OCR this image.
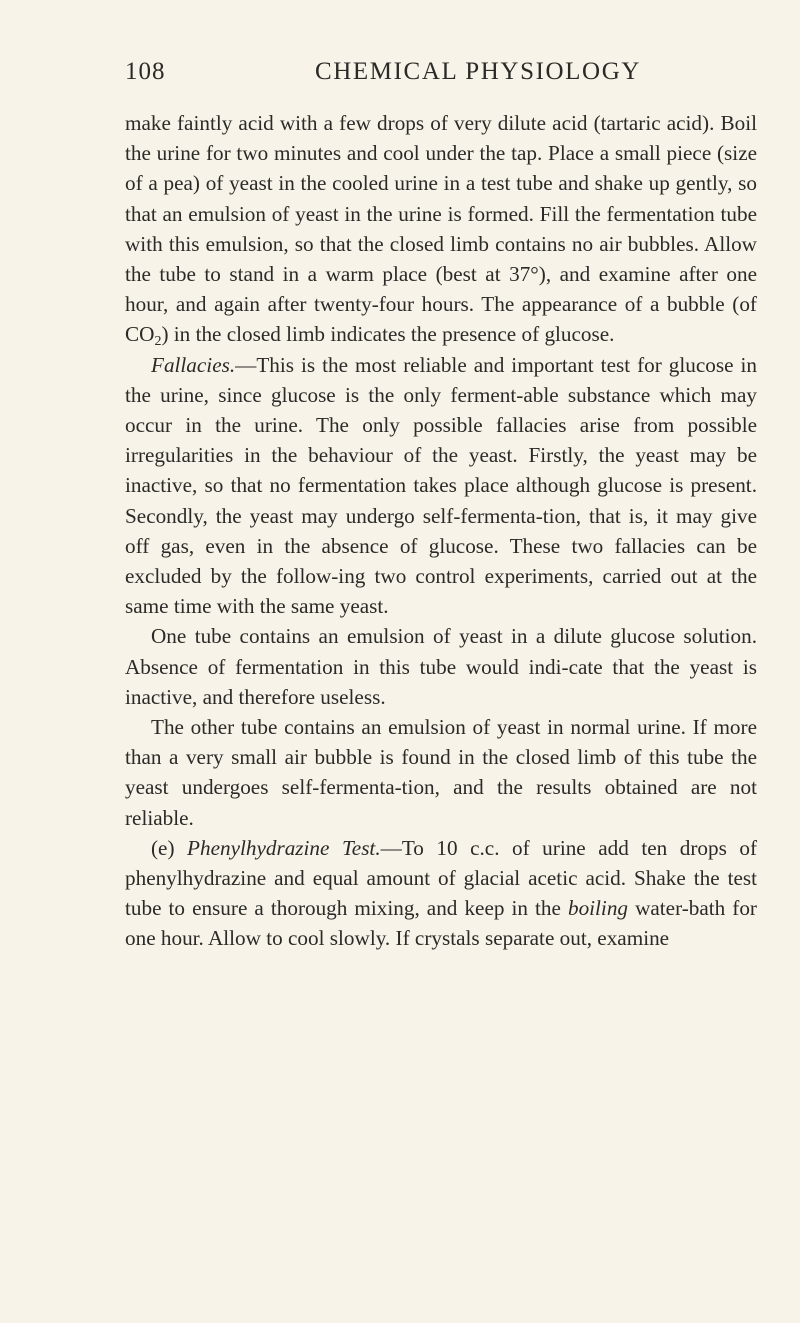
108	CHEMICAL PHYSIOLOGY

make faintly acid with a few drops of very dilute acid (tartaric acid). Boil the urine for two minutes and cool under the tap. Place a small piece (size of a pea) of yeast in the cooled urine in a test tube and shake up gently, so that an emulsion of yeast in the urine is formed. Fill the fermentation tube with this emulsion, so that the closed limb contains no air bubbles. Allow the tube to stand in a warm place (best at 37°), and examine after one hour, and again after twenty-four hours. The appearance of a bubble (of $CO_2$) in the closed limb indicates the presence of glucose.

Fallacies.—This is the most reliable and important test for glucose in the urine, since glucose is the only ferment-able substance which may occur in the urine. The only possible fallacies arise from possible irregularities in the behaviour of the yeast. Firstly, the yeast may be inactive, so that no fermentation takes place although glucose is present. Secondly, the yeast may undergo self-fermenta-tion, that is, it may give off gas, even in the absence of glucose. These two fallacies can be excluded by the follow-ing two control experiments, carried out at the same time with the same yeast.

One tube contains an emulsion of yeast in a dilute glucose solution. Absence of fermentation in this tube would indi-cate that the yeast is inactive, and therefore useless.

The other tube contains an emulsion of yeast in normal urine. If more than a very small air bubble is found in the closed limb of this tube the yeast undergoes self-fermenta-tion, and the results obtained are not reliable.

(e) Phenylhydrazine Test.—To 10 c.c. of urine add ten drops of phenylhydrazine and equal amount of glacial acetic acid. Shake the test tube to ensure a thorough mixing, and keep in the boiling water-bath for one hour. Allow to cool slowly. If crystals separate out, examine
